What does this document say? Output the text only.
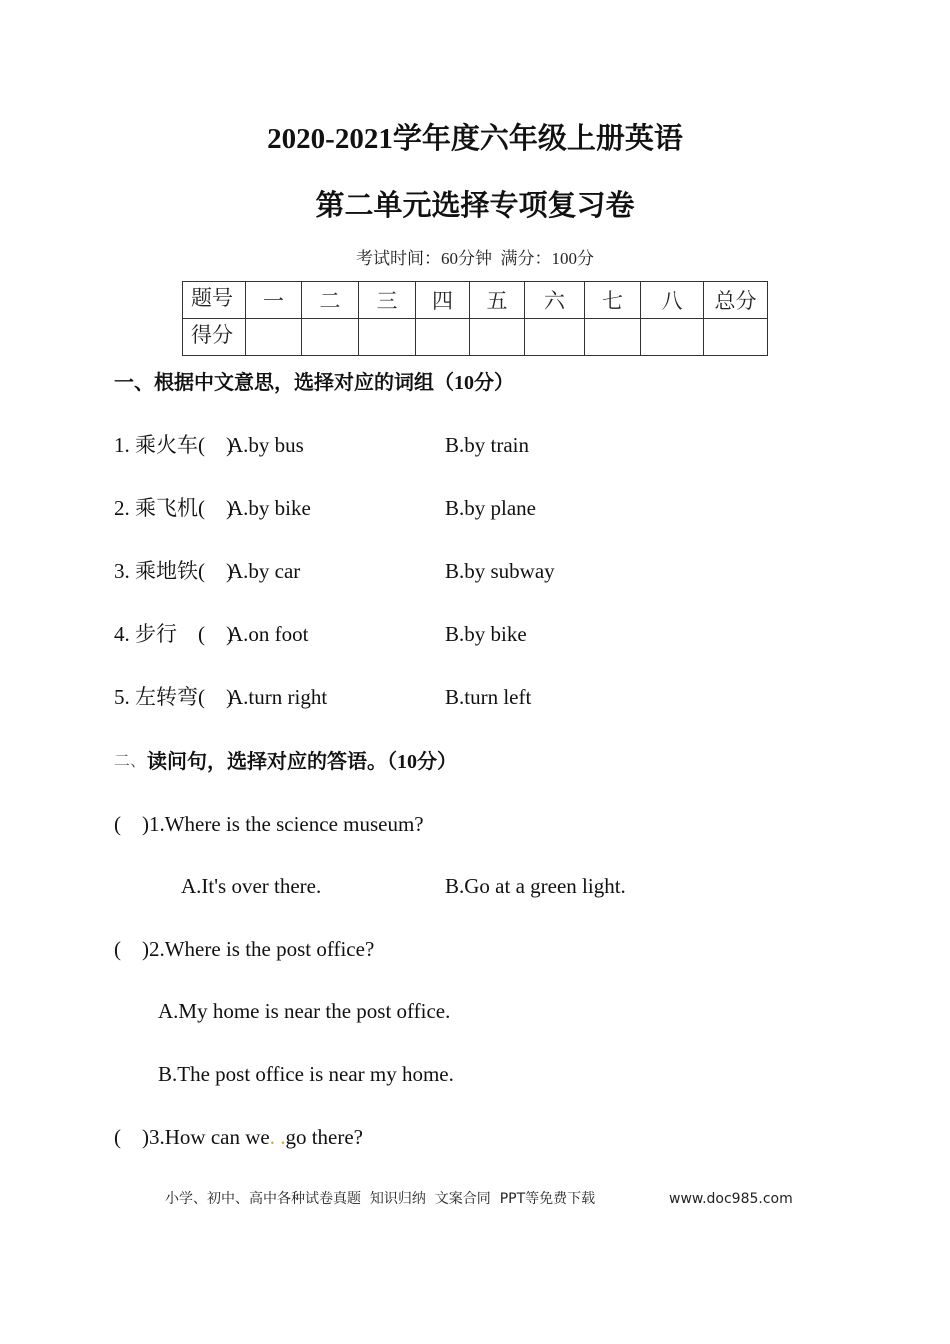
2020-2021学年度六年级上册英语
第二单元选择专项复习卷
考试时间：60分钟  满分：100分
题号	一	二	三	四	五	六	七	八	总分
得分									
一、根据中文意思，选择对应的词组（10分）
1. 乘火车(    )
A.by bus	B.by train
2. 乘飞机(    )
A.by bike	B.by plane
3. 乘地铁(    )
A.by car	B.by subway
4. 步行    (    )
A.on foot	B.by bike
5. 左转弯(    )
A.turn right	B.turn left
二、 读问句，选择对应的答语。（10分）
(    )1.Where is the science museum?
A.It's over there.	B.Go at a green light.
(    )2.Where is the post office?
A.My home is near the post office.
B.The post office is near my home.
(    )3.How can we. .go there?
小学、初中、高中各种试卷真题  知识归纳  文案合同  PPT等免费下载	www.doc985.com
